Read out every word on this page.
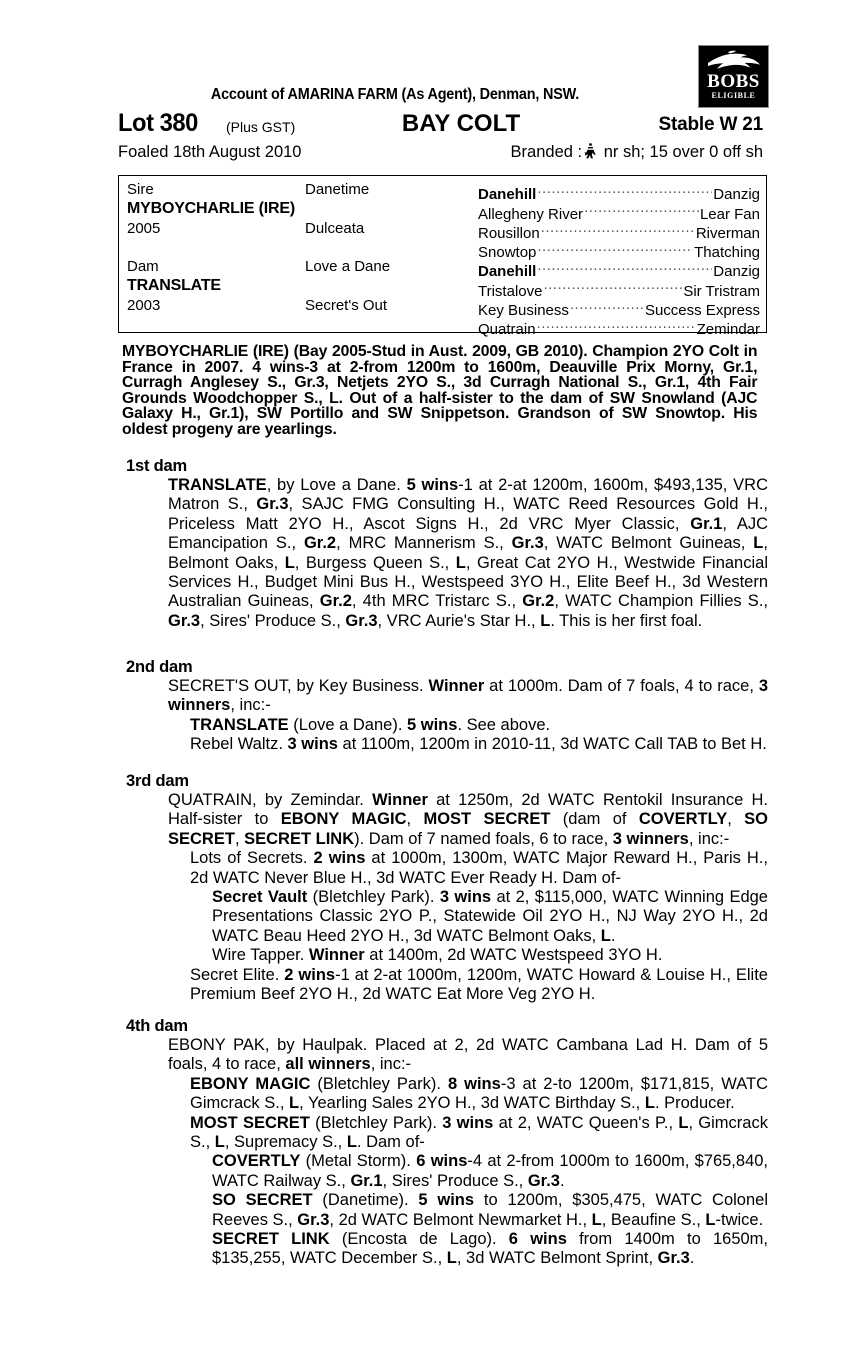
BOBS
ELIGIBLE
Account of AMARINA FARM (As Agent), Denman, NSW.
Lot 380 (Plus GST)	BAY COLT	Stable W 21
Foaled 18th August 2010	Branded : nr sh; 15 over 0 off sh
Sire	Danetime
MYBOYCHARLIE (IRE)
2005	Dulceata
Dam	Love a Dane
TRANSLATE
2003	Secret's Out
Danehill .....	Danzig
Allegheny River .....	Lear Fan
Rousillon .....	Riverman
Snowtop .....	Thatching
Danehill .....	Danzig
Tristalove .....	Sir Tristram
Key Business .....	Success Express
Quatrain .....	Zemindar
MYBOYCHARLIE (IRE) (Bay 2005-Stud in Aust. 2009, GB 2010). Champion 2YO Colt in France in 2007. 4 wins-3 at 2-from 1200m to 1600m, Deauville Prix Morny, Gr.1, Curragh Anglesey S., Gr.3, Netjets 2YO S., 3d Curragh National S., Gr.1, 4th Fair Grounds Woodchopper S., L. Out of a half-sister to the dam of SW Snowland (AJC Galaxy H., Gr.1), SW Portillo and SW Snippetson. Grandson of SW Snowtop. His oldest progeny are yearlings.
1st dam

TRANSLATE, by Love a Dane. 5 wins-1 at 2-at 1200m, 1600m, $493,135, VRC Matron S., Gr.3, SAJC FMG Consulting H., WATC Reed Resources Gold H., Priceless Matt 2YO H., Ascot Signs H., 2d VRC Myer Classic, Gr.1, AJC Emancipation S., Gr.2, MRC Mannerism S., Gr.3, WATC Belmont Guineas, L, Belmont Oaks, L, Burgess Queen S., L, Great Cat 2YO H., Westwide Financial Services H., Budget Mini Bus H., Westspeed 3YO H., Elite Beef H., 3d Western Australian Guineas, Gr.2, 4th MRC Tristarc S., Gr.2, WATC Champion Fillies S., Gr.3, Sires' Produce S., Gr.3, VRC Aurie's Star H., L. This is her first foal.

2nd dam

SECRET'S OUT, by Key Business. Winner at 1000m. Dam of 7 foals, 4 to race, 3 winners, inc:-

TRANSLATE (Love a Dane). 5 wins. See above.

Rebel Waltz. 3 wins at 1100m, 1200m in 2010-11, 3d WATC Call TAB to Bet H.

3rd dam

QUATRAIN, by Zemindar. Winner at 1250m, 2d WATC Rentokil Insurance H. Half-sister to EBONY MAGIC, MOST SECRET (dam of COVERTLY, SO SECRET, SECRET LINK). Dam of 7 named foals, 6 to race, 3 winners, inc:-

Lots of Secrets. 2 wins at 1000m, 1300m, WATC Major Reward H., Paris H., 2d WATC Never Blue H., 3d WATC Ever Ready H. Dam of-

Secret Vault (Bletchley Park). 3 wins at 2, $115,000, WATC Winning Edge Presentations Classic 2YO P., Statewide Oil 2YO H., NJ Way 2YO H., 2d WATC Beau Heed 2YO H., 3d WATC Belmont Oaks, L.

Wire Tapper. Winner at 1400m, 2d WATC Westspeed 3YO H.

Secret Elite. 2 wins-1 at 2-at 1000m, 1200m, WATC Howard & Louise H., Elite Premium Beef 2YO H., 2d WATC Eat More Veg 2YO H.

4th dam

EBONY PAK, by Haulpak. Placed at 2, 2d WATC Cambana Lad H. Dam of 5 foals, 4 to race, all winners, inc:-

EBONY MAGIC (Bletchley Park). 8 wins-3 at 2-to 1200m, $171,815, WATC Gimcrack S., L, Yearling Sales 2YO H., 3d WATC Birthday S., L. Producer.

MOST SECRET (Bletchley Park). 3 wins at 2, WATC Queen's P., L, Gimcrack S., L, Supremacy S., L. Dam of-

COVERTLY (Metal Storm). 6 wins-4 at 2-from 1000m to 1600m, $765,840, WATC Railway S., Gr.1, Sires' Produce S., Gr.3.

SO SECRET (Danetime). 5 wins to 1200m, $305,475, WATC Colonel Reeves S., Gr.3, 2d WATC Belmont Newmarket H., L, Beaufine S., L-twice.

SECRET LINK (Encosta de Lago). 6 wins from 1400m to 1650m, $135,255, WATC December S., L, 3d WATC Belmont Sprint, Gr.3.
